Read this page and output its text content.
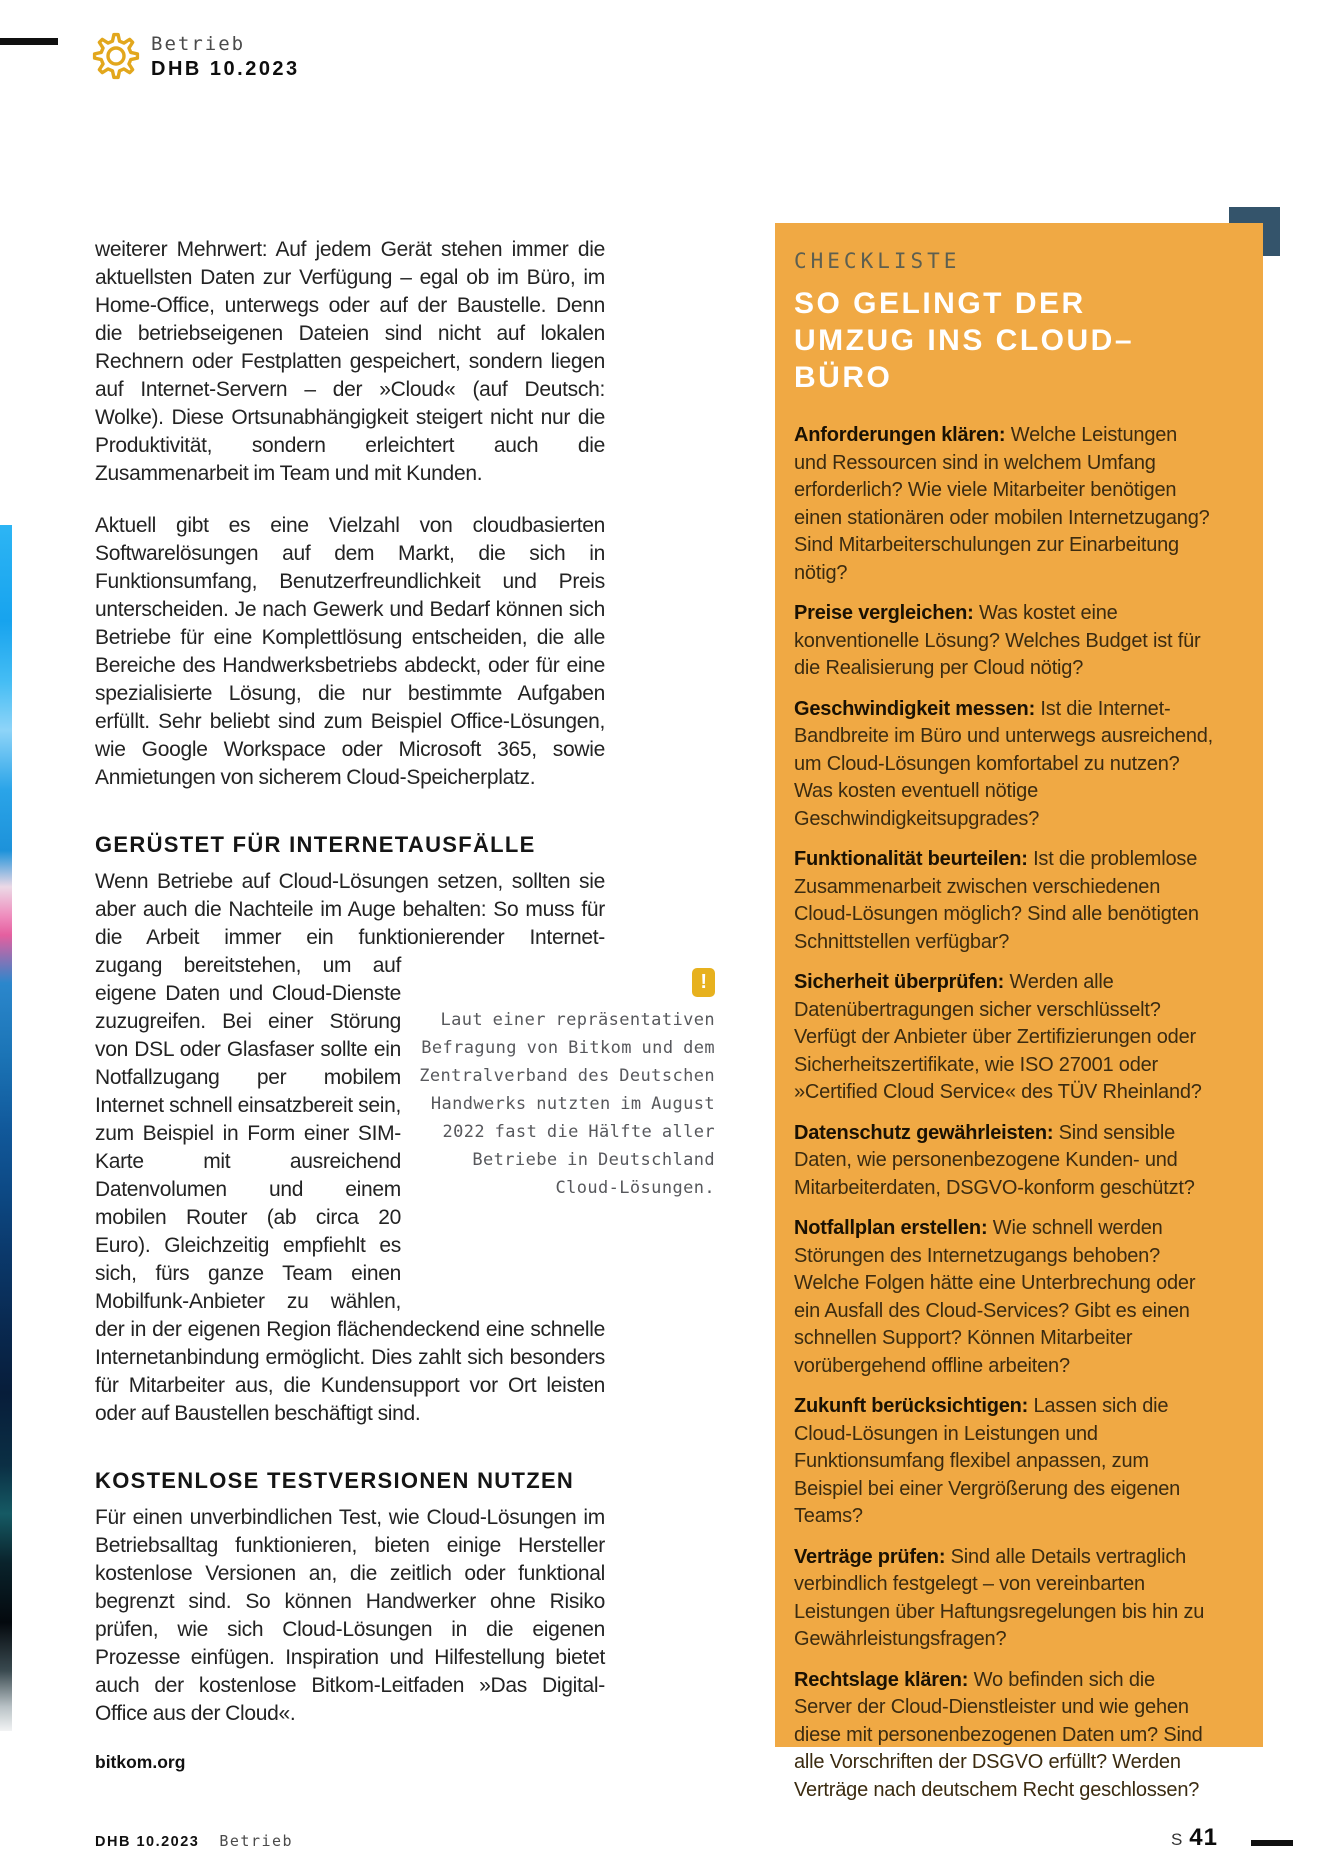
Betrieb
DHB 10.2023

weiterer Mehrwert: Auf jedem Gerät stehen immer die aktuellsten Daten zur Verfügung – egal ob im Büro, im Home-Office, unterwegs oder auf der Baustelle. Denn die betriebseigenen Dateien sind nicht auf lokalen Rechnern oder Festplatten gespeichert, sondern liegen auf Internet-Servern – der »Cloud« (auf Deutsch: Wolke). Diese Ortsunabhängigkeit steigert nicht nur die Produktivität, sondern erleichtert auch die Zusammenarbeit im Team und mit Kunden.

Aktuell gibt es eine Vielzahl von cloudbasierten Softwarelösungen auf dem Markt, die sich in Funktionsumfang, Benutzerfreundlichkeit und Preis unterscheiden. Je nach Gewerk und Bedarf können sich Betriebe für eine Komplettlösung entscheiden, die alle Bereiche des Handwerksbetriebs abdeckt, oder für eine spezialisierte Lösung, die nur bestimmte Aufgaben erfüllt. Sehr beliebt sind zum Beispiel Office-Lösungen, wie Google Workspace oder Microsoft 365, sowie Anmietungen von sicherem Cloud-Speicherplatz.

GERÜSTET FÜR INTERNETAUSFÄLLE

Wenn Betriebe auf Cloud-Lösungen setzen, sollten sie aber auch die Nachteile im Auge behalten: So muss für die Arbeit immer ein funktionierender Internet-

!
Laut einer repräsentativen Befragung von Bitkom und dem Zentralverband des Deutschen Handwerks nutzten im August 2022 fast die Hälfte aller Betriebe in Deutschland Cloud-Lösungen.
zugang bereitstehen, um auf eigene Daten und Cloud-Dienste zuzugreifen. Bei einer Störung von DSL oder Glasfaser sollte ein Notfallzugang per mobilem Internet schnell einsatzbereit sein, zum Beispiel in Form einer SIM-Karte mit ausreichend Datenvolumen und einem mobilen Router (ab circa 20 Euro). Gleichzeitig empfiehlt es sich, fürs ganze Team einen Mobilfunk-Anbieter zu wählen, der in der eigenen Region flächendeckend eine schnelle Internetanbindung ermöglicht. Dies zahlt sich besonders für Mitarbeiter aus, die Kundensupport vor Ort leisten oder auf Baustellen beschäftigt sind.
KOSTENLOSE TESTVERSIONEN NUTZEN

Für einen unverbindlichen Test, wie Cloud-Lösungen im Betriebsalltag funktionieren, bieten einige Hersteller kostenlose Versionen an, die zeitlich oder funktional begrenzt sind. So können Handwerker ohne Risiko prüfen, wie sich Cloud-Lösungen in die eigenen Prozesse einfügen. Inspiration und Hilfestellung bietet auch der kostenlose Bitkom-Leitfaden »Das Digital-Office aus der Cloud«.

bitkom.org
CHECKLISTE
SO GELINGT DER UMZUG INS CLOUD–BÜRO

Anforderungen klären: Welche Leistungen und Ressourcen sind in welchem Umfang erforderlich? Wie viele Mitarbeiter benötigen einen stationären oder mobilen Internetzugang? Sind Mitarbeiterschulungen zur Einarbeitung nötig?

Preise vergleichen: Was kostet eine konventionelle Lösung? Welches Budget ist für die Realisierung per Cloud nötig?

Geschwindigkeit messen: Ist die Internet-Bandbreite im Büro und unterwegs ausreichend, um Cloud-Lösungen komfortabel zu nutzen? Was kosten eventuell nötige Geschwindigkeitsupgrades?

Funktionalität beurteilen: Ist die problemlose Zusammenarbeit zwischen verschiedenen Cloud-Lösungen möglich? Sind alle benötigten Schnittstellen verfügbar?

Sicherheit überprüfen: Werden alle Datenübertragungen sicher verschlüsselt? Verfügt der Anbieter über Zertifizierungen oder Sicherheitszertifikate, wie ISO 27001 oder »Certified Cloud Service« des TÜV Rheinland?

Datenschutz gewährleisten: Sind sensible Daten, wie personenbezogene Kunden- und Mitarbeiterdaten, DSGVO-konform geschützt?

Notfallplan erstellen: Wie schnell werden Störungen des Internetzugangs behoben? Welche Folgen hätte eine Unterbrechung oder ein Ausfall des Cloud-Services? Gibt es einen schnellen Support? Können Mitarbeiter vorübergehend offline arbeiten?

Zukunft berücksichtigen: Lassen sich die Cloud-Lösungen in Leistungen und Funktionsumfang flexibel anpassen, zum Beispiel bei einer Vergrößerung des eigenen Teams?

Verträge prüfen: Sind alle Details vertraglich verbindlich festgelegt – von vereinbarten Leistungen über Haftungsregelungen bis hin zu Gewährleistungsfragen?

Rechtslage klären: Wo befinden sich die Server der Cloud-Dienstleister und wie gehen diese mit personenbezogenen Daten um? Sind alle Vorschriften der DSGVO erfüllt? Werden Verträge nach deutschem Recht geschlossen?

DHB 10.2023 Betrieb	S 41
